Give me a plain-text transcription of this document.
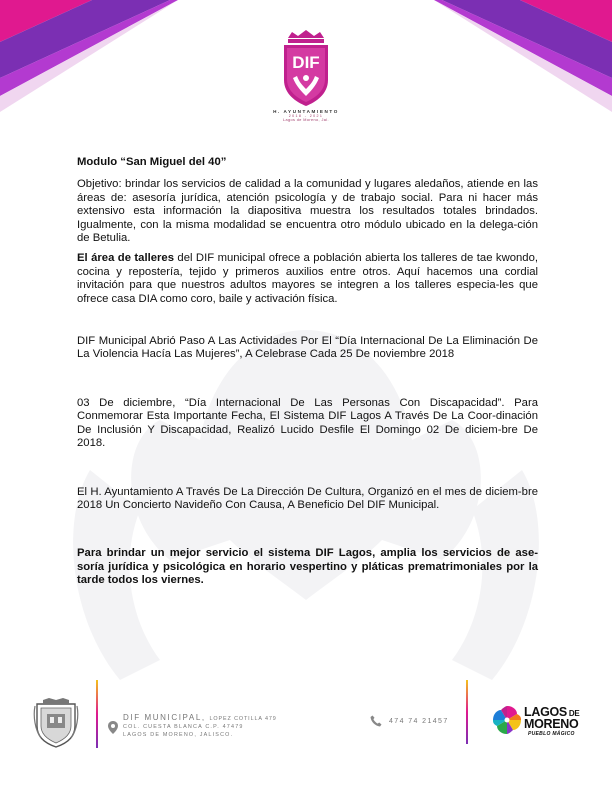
DIF
H. AYUNTAMIENTO
2018 - 2021
Lagos de Moreno, Jal.

Modulo “San Miguel del 40”

Objetivo: brindar los servicios de calidad a la comunidad y lugares aledaños, atiende en las áreas de: asesoría jurídica, atención psicología y de trabajo social. Para ni hacer más extensivo esta información la diapositiva muestra los resultados totales brindados. Igualmente, con la misma modalidad se encuentra otro módulo ubicado en la delega-ción de Betulia.

El área de talleres del DIF municipal ofrece a población abierta los talleres de tae kwondo, cocina y repostería, tejido y primeros auxilios entre otros. Aquí hacemos una cordial invitación para que nuestros adultos mayores se integren a los talleres especia-les que ofrece casa DIA como coro, baile y activación física.

DIF Municipal Abrió Paso A Las Actividades Por El “Día Internacional De La Eliminación De La Violencia Hacía Las Mujeres”, A Celebrase Cada 25 De noviembre 2018

03 De diciembre, “Día Internacional De Las Personas Con Discapacidad”. Para Conmemorar Esta Importante Fecha, El Sistema DIF Lagos A Través De La Coor-dinación De Inclusión Y Discapacidad, Realizó Lucido Desfile El Domingo 02 De diciem-bre De 2018.

El H. Ayuntamiento A Través De La Dirección De Cultura, Organizó en el mes de diciem-bre 2018 Un Concierto Navideño Con Causa, A Beneficio Del DIF Municipal.

Para brindar un mejor servicio el sistema DIF Lagos, amplia los servicios de ase-soría jurídica y psicológica en horario vespertino y pláticas prematrimoniales por la tarde todos los viernes.

DIF MUNICIPAL, LOPEZ COTILLA 479
COL. CUESTA BLANCA C.P. 47479
LAGOS DE MORENO, JALISCO.
474 74 21457
LAGOS DE
MORENO
PUEBLO MÁGICO
